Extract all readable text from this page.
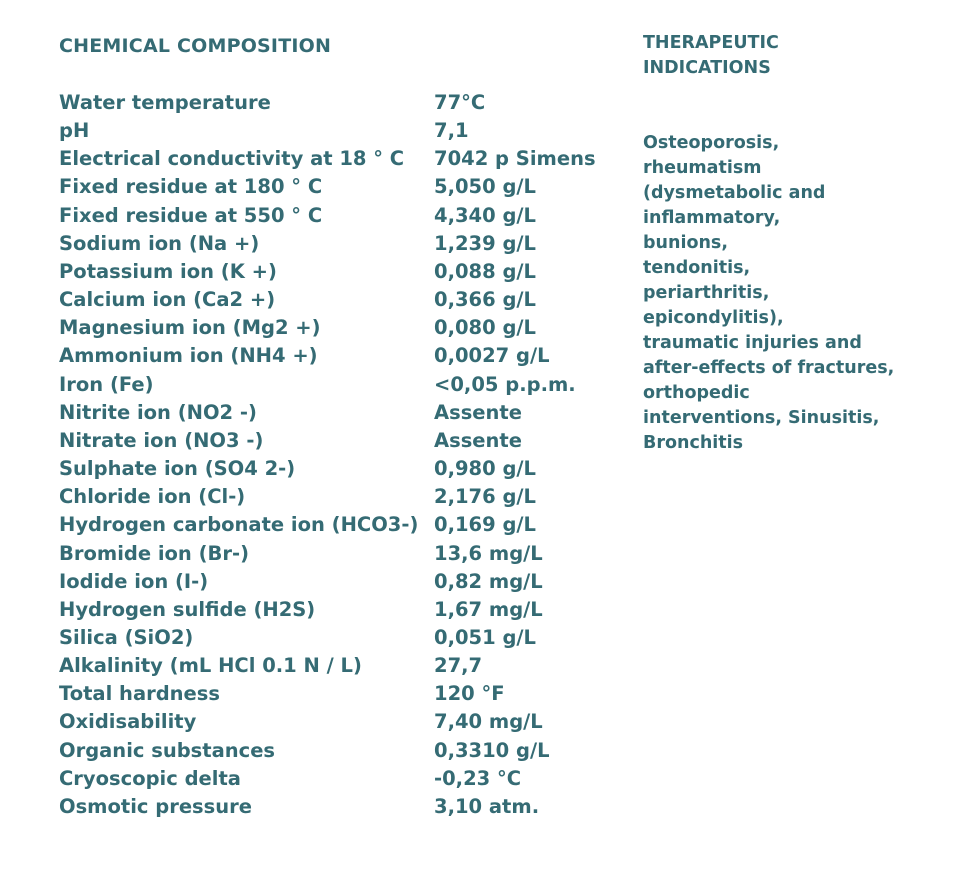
CHEMICAL COMPOSITION
Water temperature	77°C
pH	7,1
Electrical conductivity at 18 ° C	7042 p Simens
Fixed residue at 180 ° C	5,050 g/L
Fixed residue at 550 ° C	4,340 g/L
Sodium ion (Na +)	1,239 g/L
Potassium ion (K +)	0,088 g/L
Calcium ion (Ca2 +)	0,366 g/L
Magnesium ion (Mg2 +)	0,080 g/L
Ammonium ion (NH4 +)	0,0027 g/L
Iron (Fe)	<0,05 p.p.m.
Nitrite ion (NO2 -)	Assente
Nitrate ion (NO3 -)	Assente
Sulphate ion (SO4 2-)	0,980 g/L
Chloride ion (Cl-)	2,176 g/L
Hydrogen carbonate ion (HCO3-)	0,169 g/L
Bromide ion (Br-)	13,6 mg/L
Iodide ion (I-)	0,82 mg/L
Hydrogen sulfide (H2S)	1,67 mg/L
Silica (SiO2)	0,051 g/L
Alkalinity (mL HCl 0.1 N / L)	27,7
Total hardness	120 °F
Oxidisability	7,40 mg/L
Organic substances	0,3310 g/L
Cryoscopic delta	-0,23 °C
Osmotic pressure	3,10 atm.
THERAPEUTIC INDICATIONS
Osteoporosis,
rheumatism
(dysmetabolic and
inflammatory,
bunions,
tendonitis,
periarthritis,
epicondylitis),
traumatic injuries and
after-effects of fractures,
orthopedic
interventions, Sinusitis,
Bronchitis
